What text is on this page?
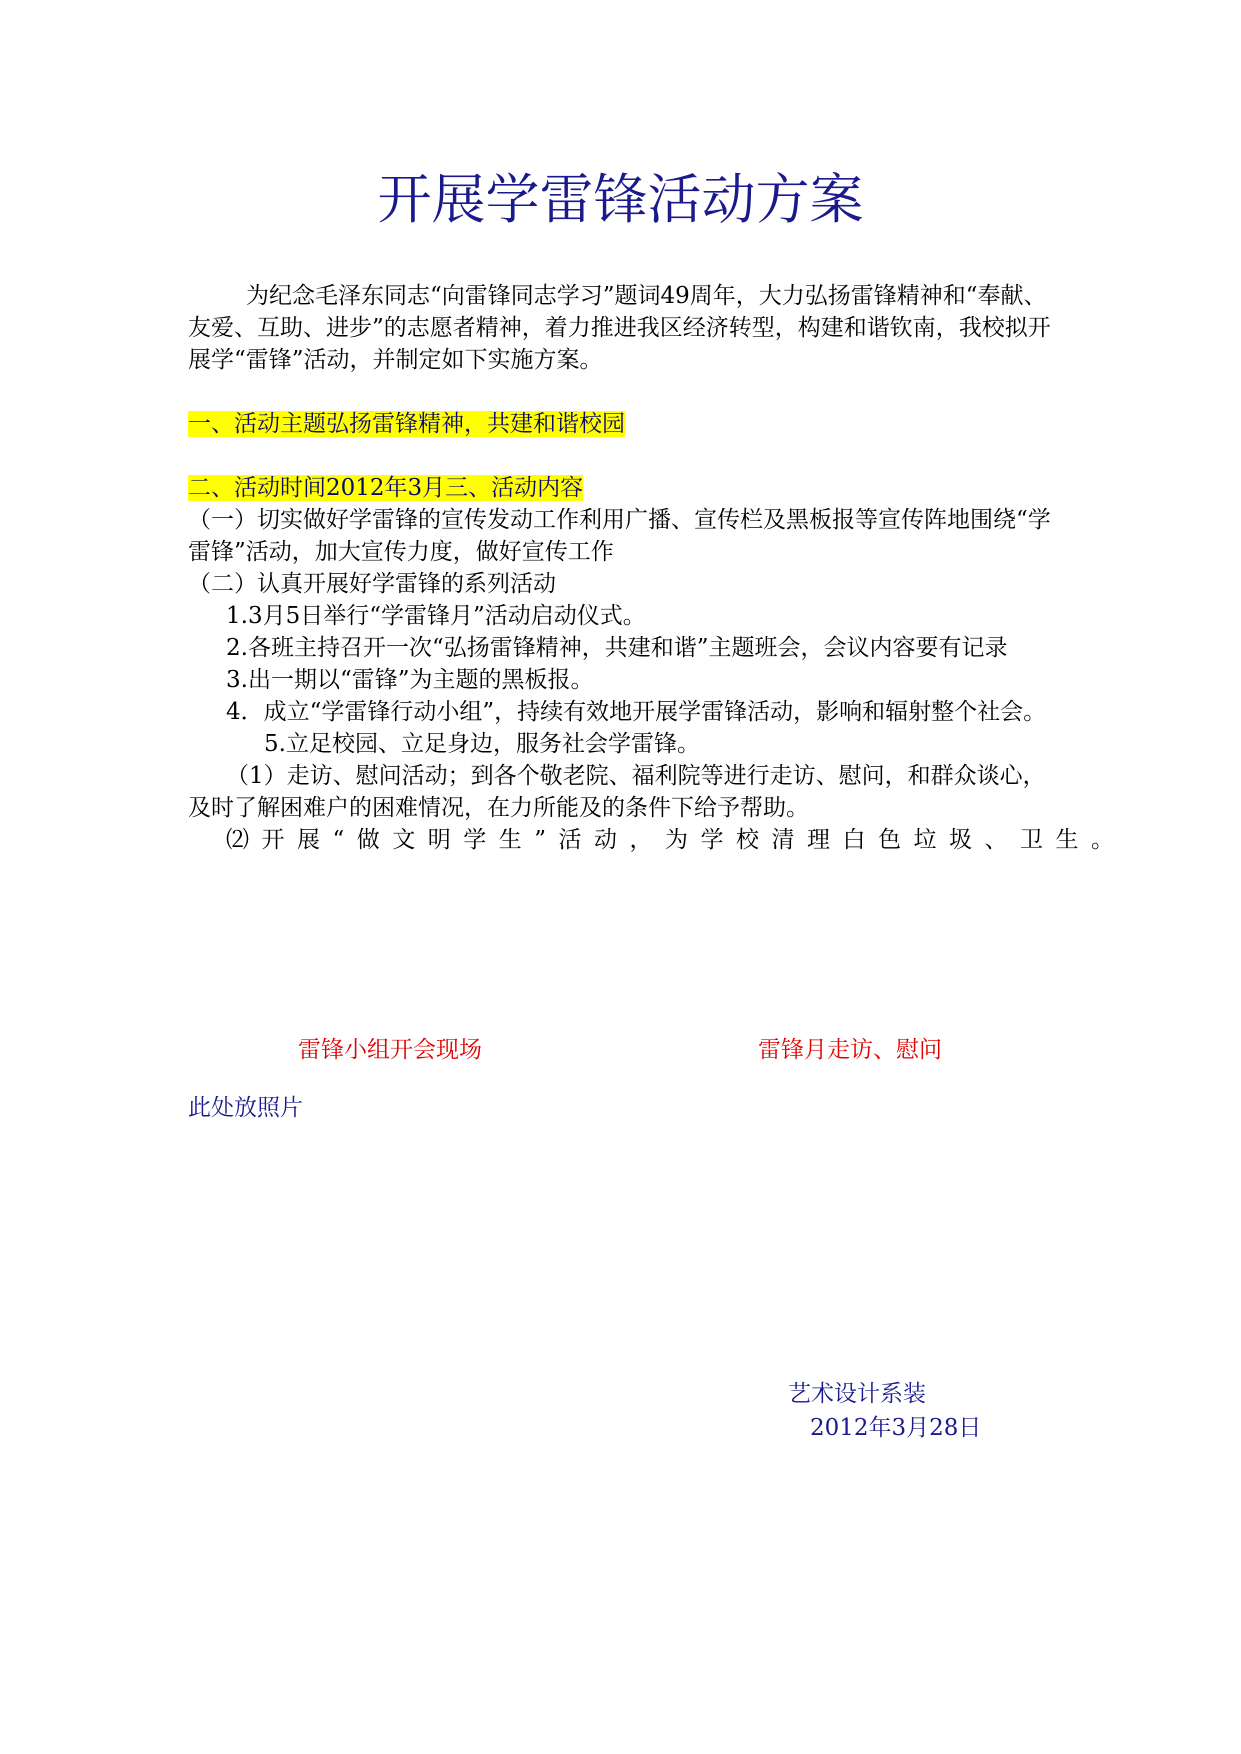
开展学雷锋活动方案

为纪念毛泽东同志“向雷锋同志学习”题词49周年，大力弘扬雷锋精神和“奉献、友爱、互助、进步”的志愿者精神，着力推进我区经济转型，构建和谐钦南，我校拟开展学“雷锋”活动，并制定如下实施方案。

一、活动主题弘扬雷锋精神，共建和谐校园

二、活动时间2012年3月三、活动内容

（一）切实做好学雷锋的宣传发动工作利用广播、宣传栏及黑板报等宣传阵地围绕“学雷锋”活动，加大宣传力度，做好宣传工作

（二）认真开展好学雷锋的系列活动

1.3月5日举行“学雷锋月”活动启动仪式。

2.各班主持召开一次“弘扬雷锋精神，共建和谐”主题班会，会议内容要有记录

3.出一期以“雷锋”为主题的黑板报。

4．成立“学雷锋行动小组”，持续有效地开展学雷锋活动，影响和辐射整个社会。

5.立足校园、立足身边，服务社会学雷锋。

（1）走访、慰问活动；到各个敬老院、福利院等进行走访、慰问，和群众谈心，及时了解困难户的困难情况，在力所能及的条件下给予帮助。

⑵开展“做文明学生”活动，为学校清理白色垃圾、卫生。

雷锋小组开会现场	雷锋月走访、慰问
此处放照片
艺术设计系装
2012年3月28日
